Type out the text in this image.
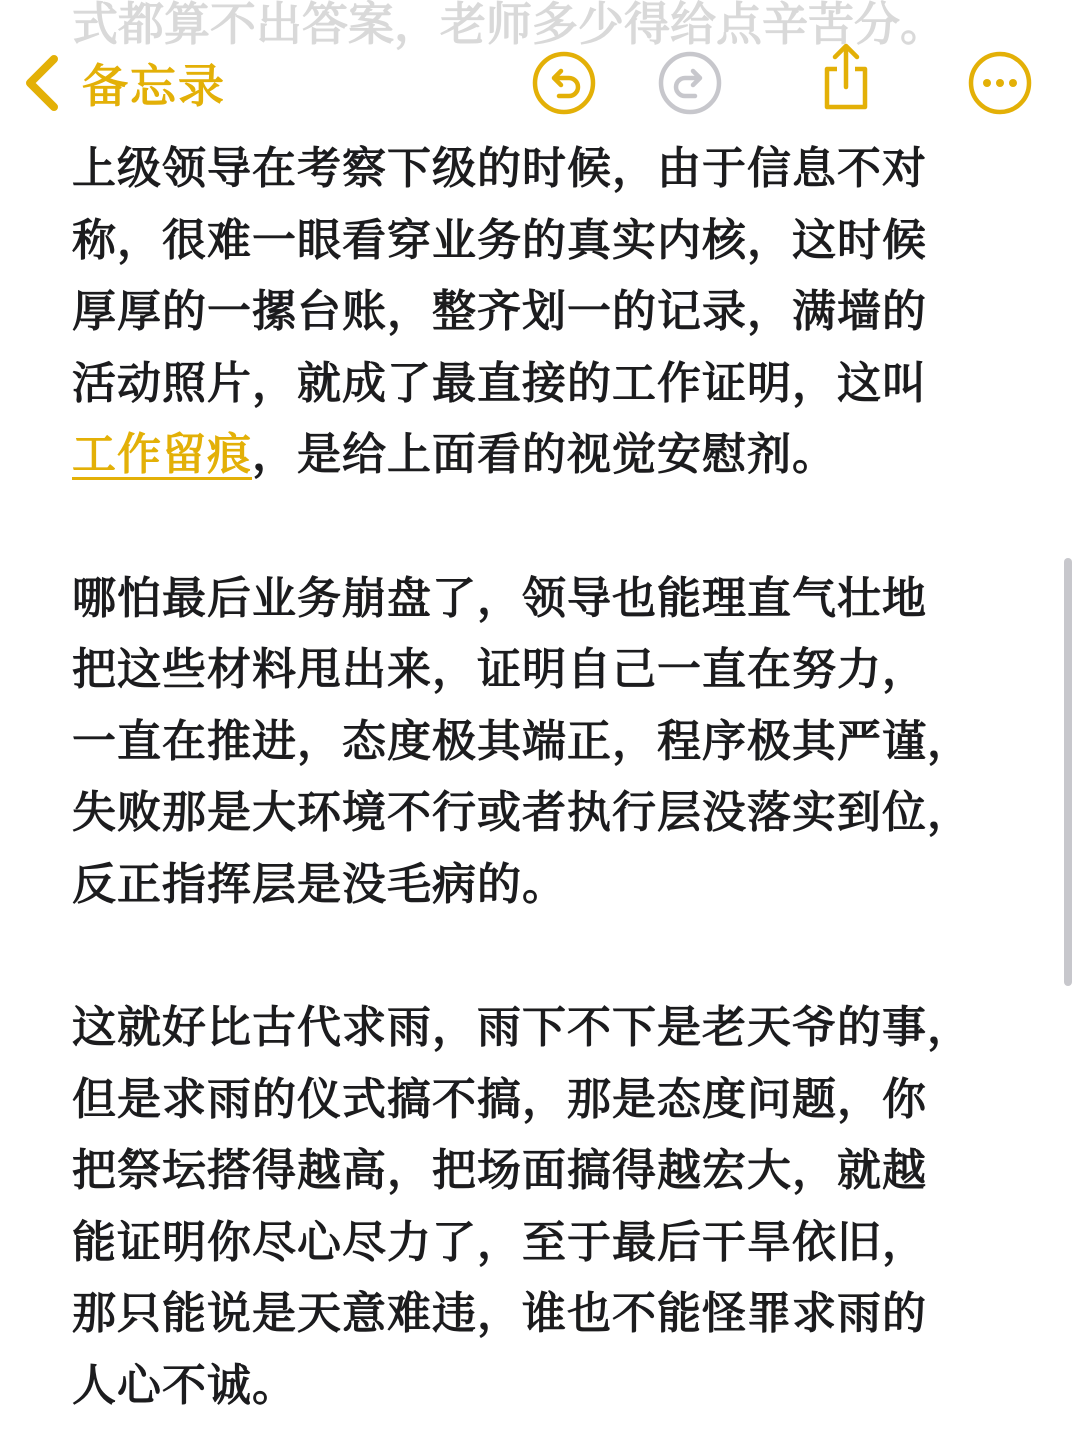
式都算不出答案，老师多少得给点辛苦分。
备忘录

上级领导在考察下级的时候，由于信息不对
称，很难一眼看穿业务的真实内核，这时候
厚厚的一摞台账，整齐划一的记录，满墙的
活动照片，就成了最直接的工作证明，这叫
工作留痕，是给上面看的视觉安慰剂。

哪怕最后业务崩盘了，领导也能理直气壮地
把这些材料甩出来，证明自己一直在努力，
一直在推进，态度极其端正，程序极其严谨，
失败那是大环境不行或者执行层没落实到位，
反正指挥层是没毛病的。

这就好比古代求雨，雨下不下是老天爷的事，
但是求雨的仪式搞不搞，那是态度问题，你
把祭坛搭得越高，把场面搞得越宏大，就越
能证明你尽心尽力了，至于最后干旱依旧，
那只能说是天意难违，谁也不能怪罪求雨的
人心不诚。
